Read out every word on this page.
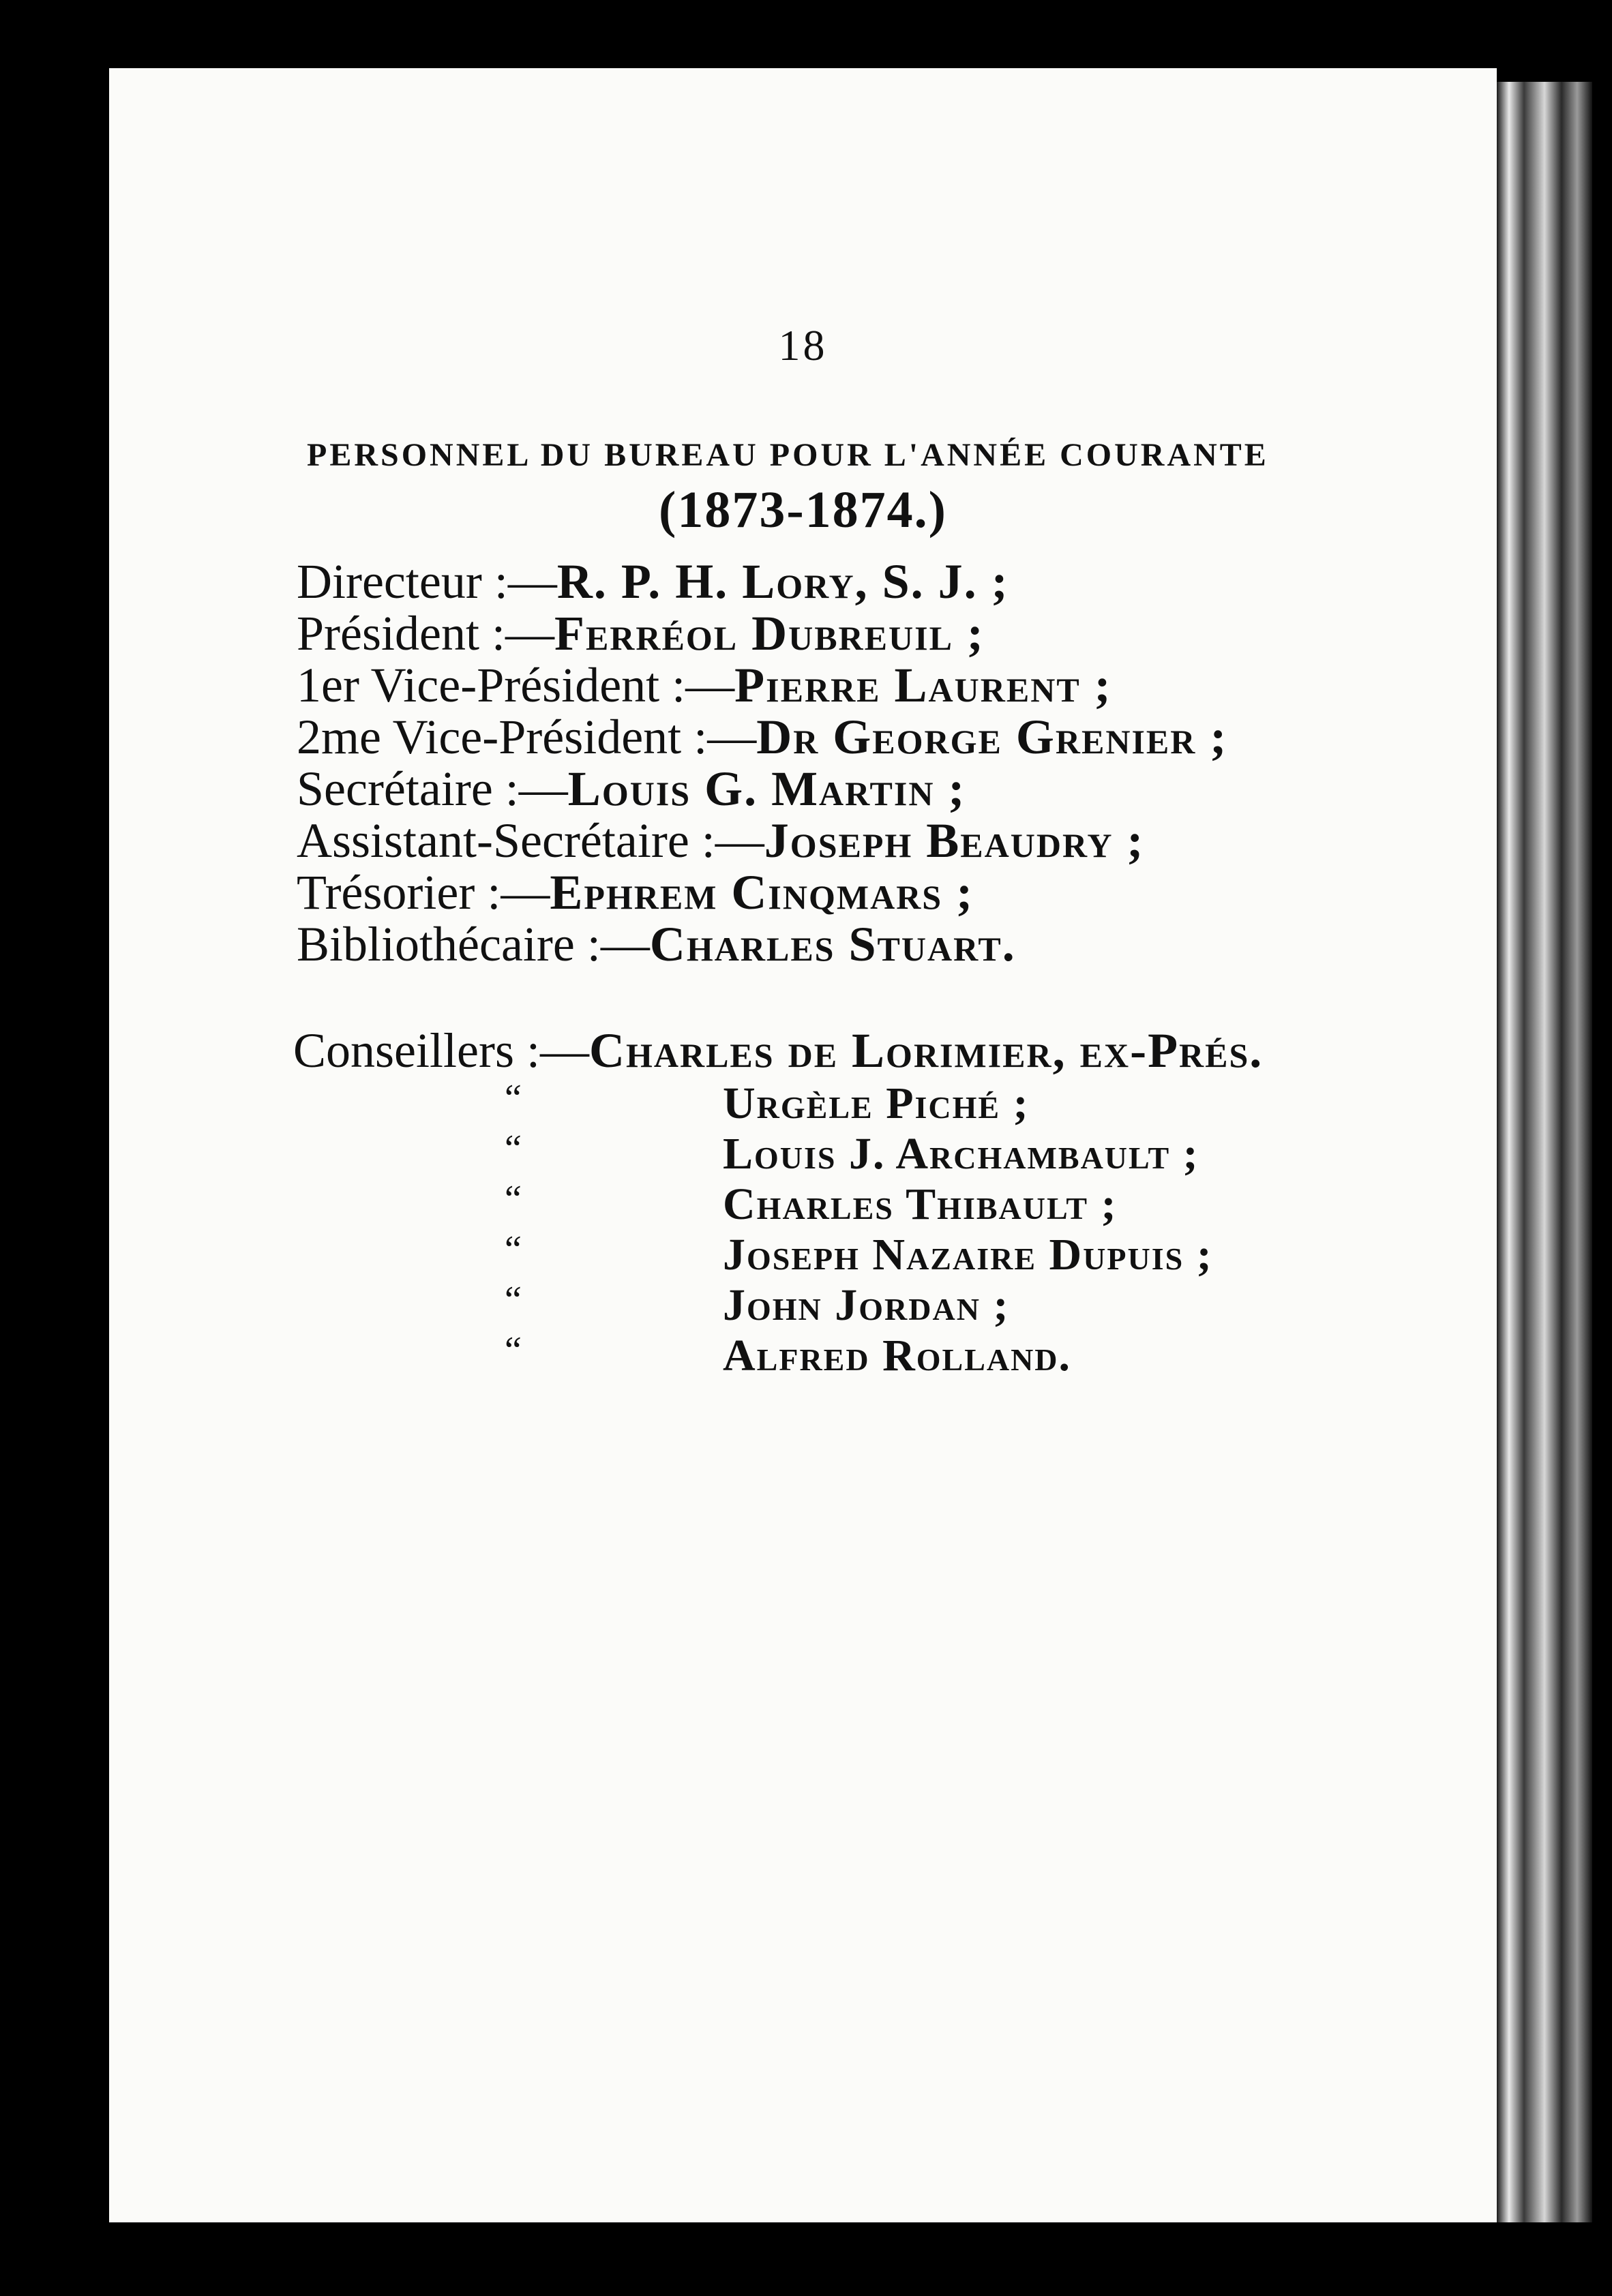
18
PERSONNEL DU BUREAU POUR L'ANNÉE COURANTE
(1873-1874.)
Directeur :—R. P. H. Lory, S. J. ;
Président :—Ferréol Dubreuil ;
1er Vice-Président :—Pierre Laurent ;
2me Vice-Président :—Dr George Grenier ;
Secrétaire :—Louis G. Martin ;
Assistant-Secrétaire :—Joseph Beaudry ;
Trésorier :—Ephrem Cinqmars ;
Bibliothécaire :—Charles Stuart.
Conseillers :—Charles de Lorimier, ex-Prés.
“	Urgèle Piché ;
“	Louis J. Archambault ;
“	Charles Thibault ;
“	Joseph Nazaire Dupuis ;
“	John Jordan ;
“	Alfred Rolland.
